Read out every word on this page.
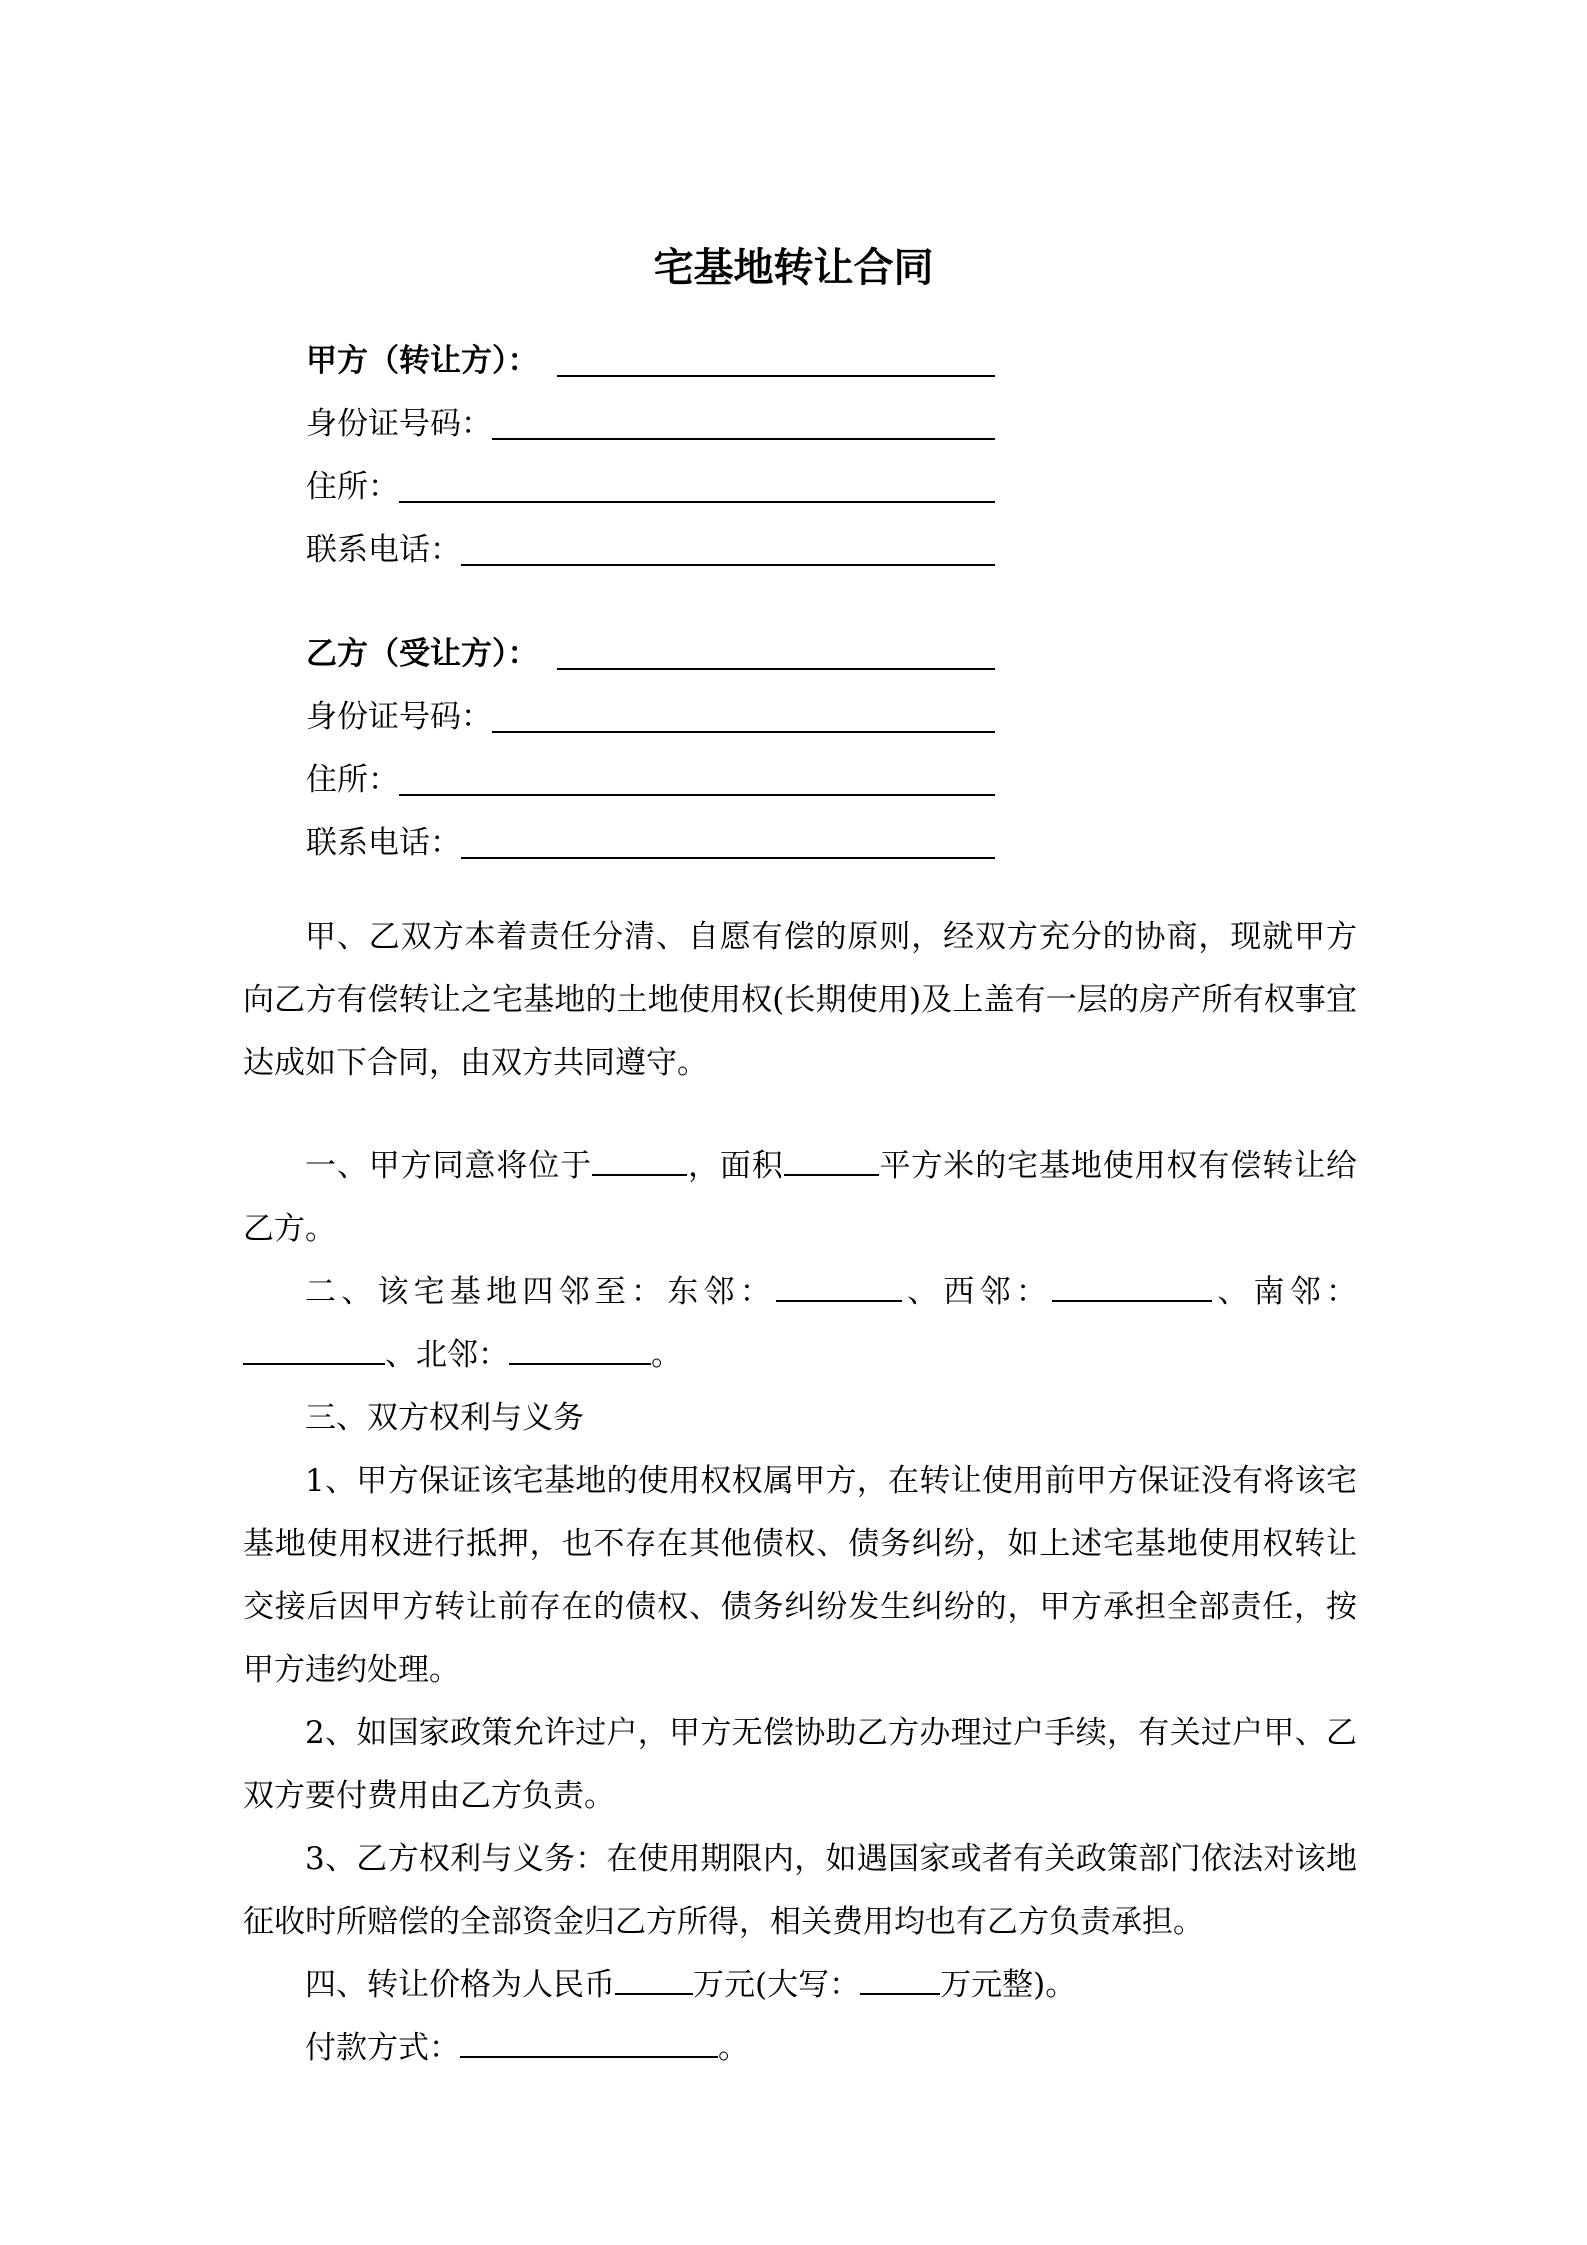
宅基地转让合同
甲方（转让方）：
身份证号码：
住所：
联系电话：
乙方（受让方）：
身份证号码：
住所：
联系电话：

甲、乙双方本着责任分清、自愿有偿的原则，经双方充分的协商，现就甲方向乙方有偿转让之宅基地的土地使用权(长期使用)及上盖有一层的房产所有权事宜达成如下合同，由双方共同遵守。

一、甲方同意将位于	，面积	平方米的宅基地使用权有偿转让给乙方。

二、该宅基地四邻至：东邻：	、西邻：	、南邻：、北邻：	。

三、双方权利与义务

1、甲方保证该宅基地的使用权权属甲方，在转让使用前甲方保证没有将该宅基地使用权进行抵押，也不存在其他债权、债务纠纷，如上述宅基地使用权转让交接后因甲方转让前存在的债权、债务纠纷发生纠纷的，甲方承担全部责任，按甲方违约处理。

2、如国家政策允许过户，甲方无偿协助乙方办理过户手续，有关过户甲、乙双方要付费用由乙方负责。

3、乙方权利与义务：在使用期限内，如遇国家或者有关政策部门依法对该地征收时所赔偿的全部资金归乙方所得，相关费用均也有乙方负责承担。

四、转让价格为人民币	万元(大写：	万元整)。

付款方式：	。
